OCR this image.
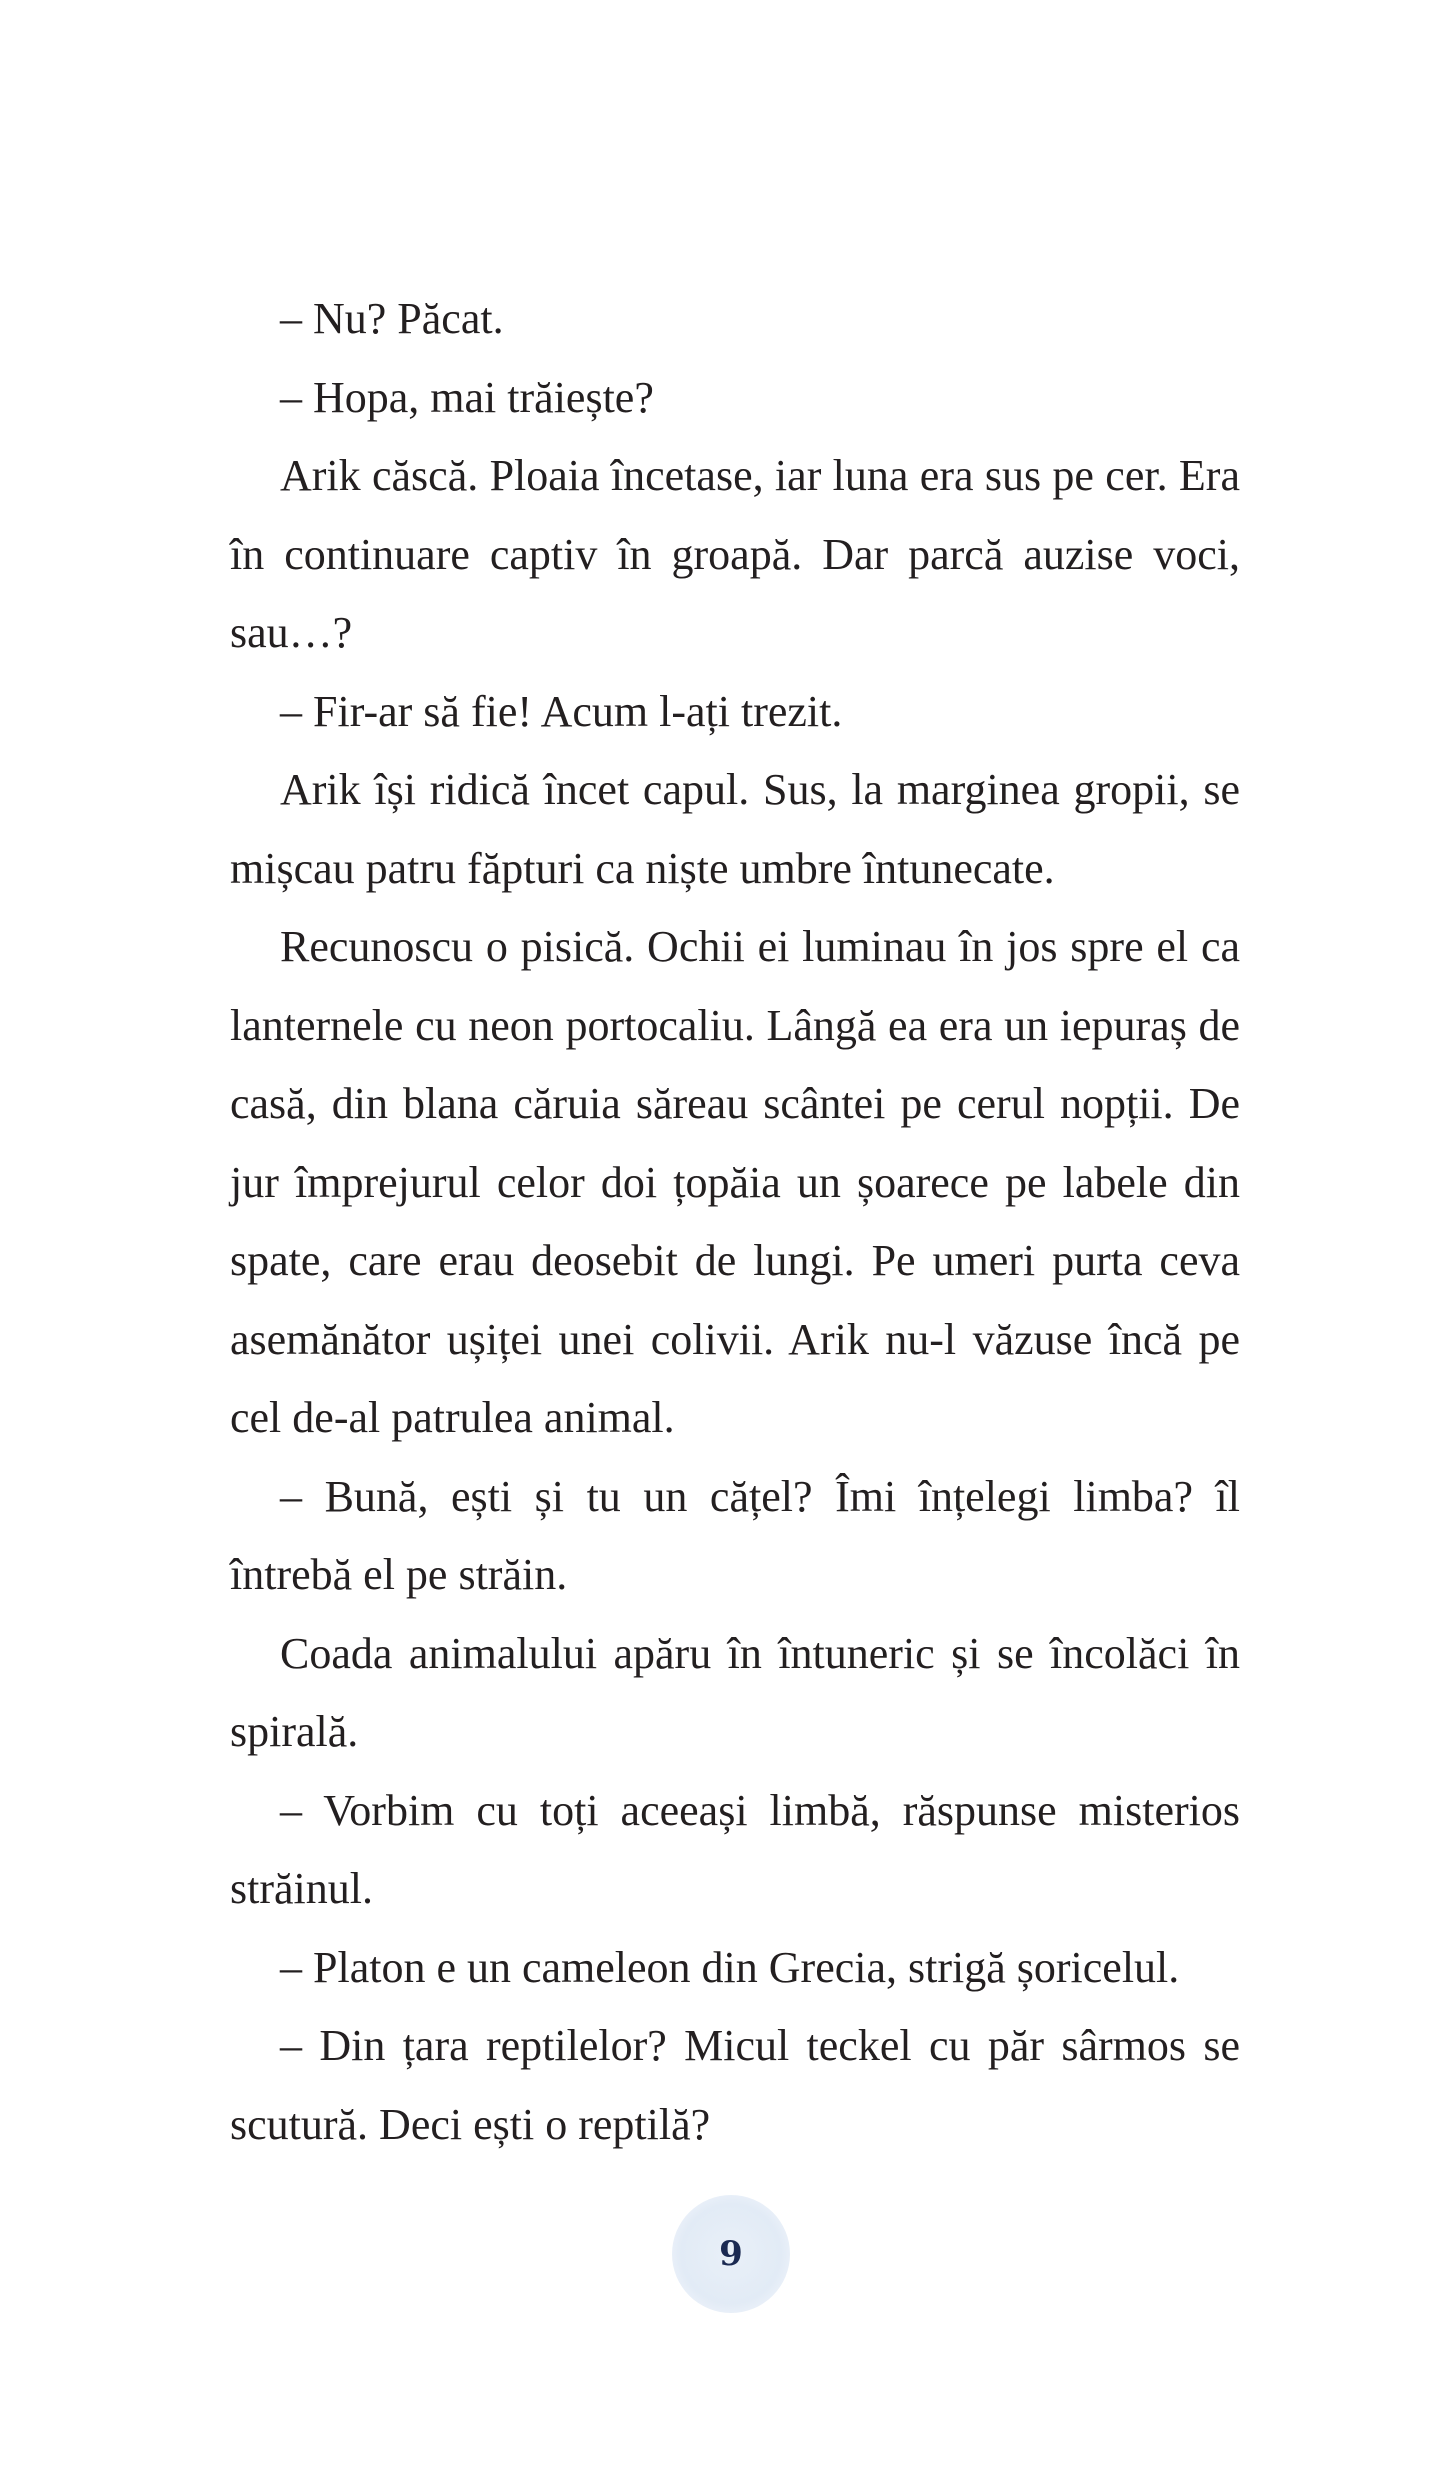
– Nu? Păcat.

– Hopa, mai trăiește?

Arik căscă. Ploaia încetase, iar luna era sus pe cer. Era în continuare captiv în groapă. Dar parcă auzise voci, sau…?

– Fir-ar să fie! Acum l-ați trezit.

Arik își ridică încet capul. Sus, la marginea gropii, se mișcau patru făpturi ca niște umbre întunecate.

Recunoscu o pisică. Ochii ei luminau în jos spre el ca lanternele cu neon portocaliu. Lângă ea era un iepuraș de casă, din blana căruia săreau scântei pe cerul nopții. De jur împrejurul celor doi țopăia un șoarece pe labele din spate, care erau deosebit de lungi. Pe umeri purta ceva asemănător ușiței unei colivii. Arik nu-l văzuse încă pe cel de-al patrulea animal.

– Bună, ești și tu un cățel? Îmi înțelegi limba? îl întrebă el pe străin.

Coada animalului apăru în întuneric și se încolăci în spirală.

– Vorbim cu toți aceeași limbă, răspunse misterios străinul.

– Platon e un cameleon din Grecia, strigă șoricelul.

– Din țara reptilelor? Micul teckel cu păr sârmos se scutură. Deci ești o reptilă?

9
